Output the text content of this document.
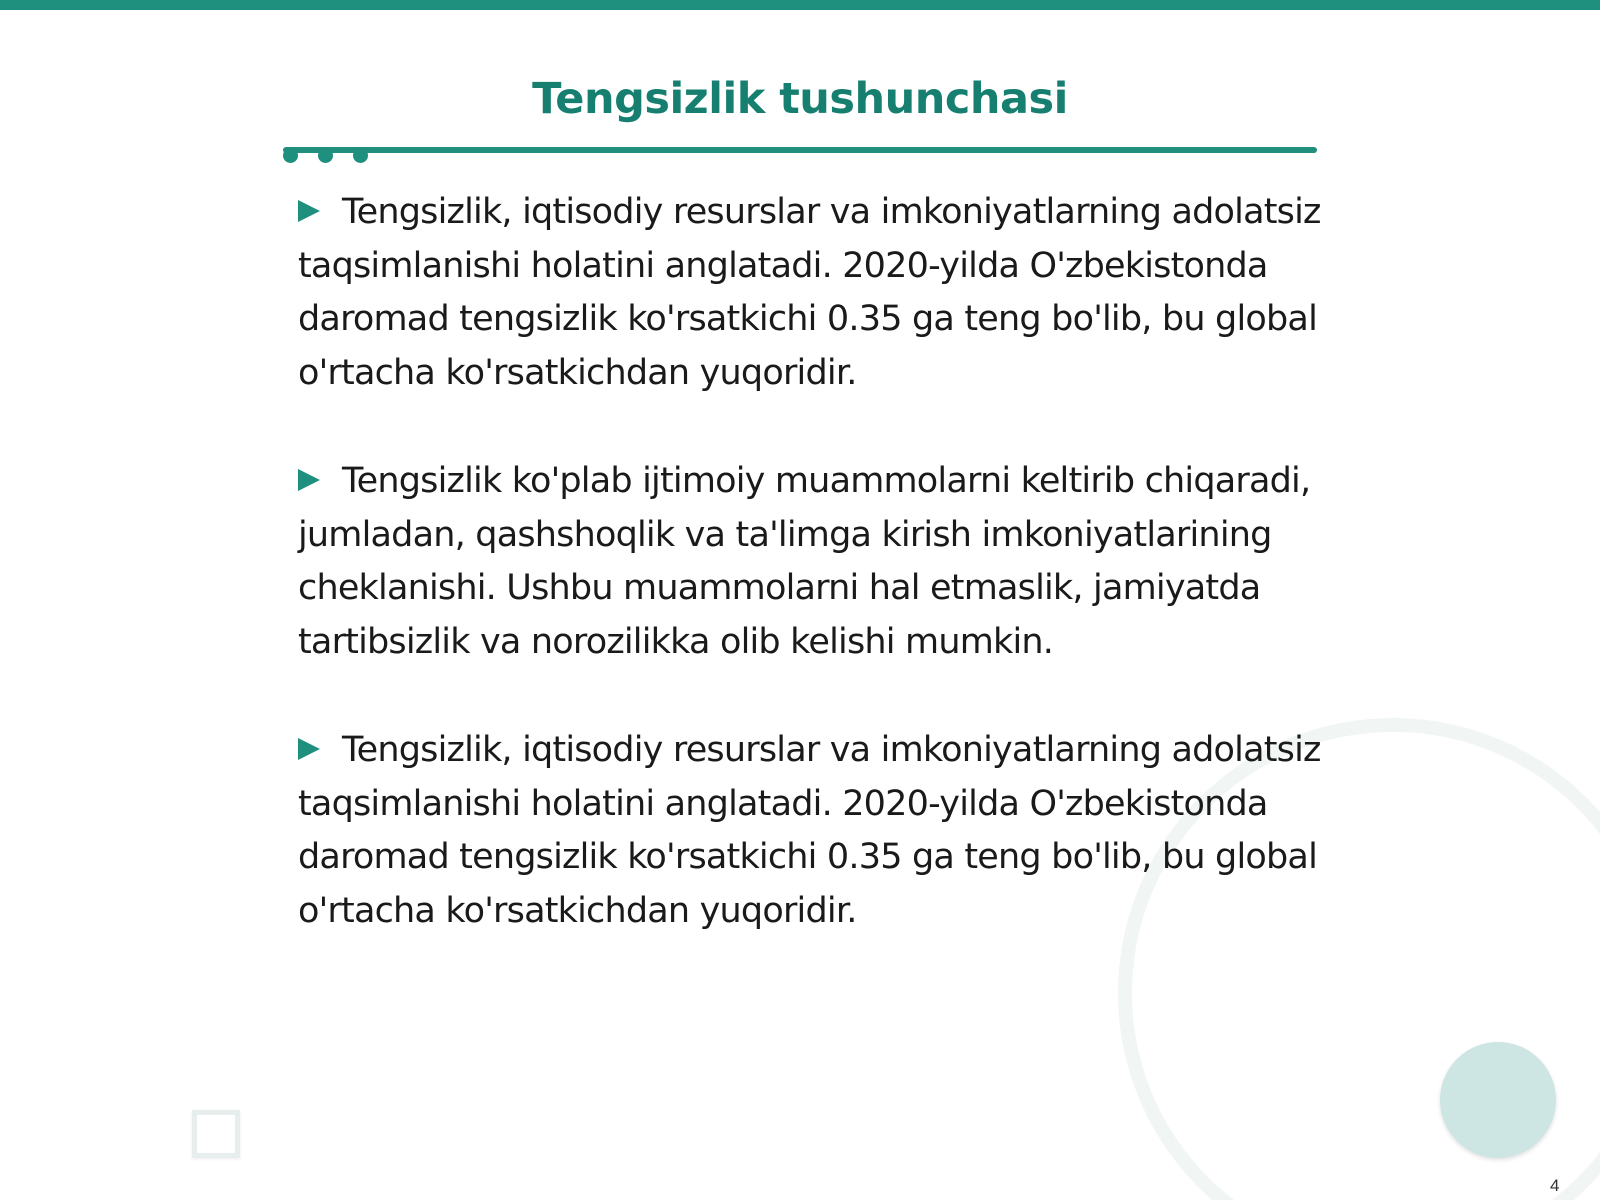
Tengsizlik tushunchasi

Tengsizlik, iqtisodiy resurslar va imkoniyatlarning adolatsiz taqsimlanishi holatini anglatadi. 2020-yilda O'zbekistonda daromad tengsizlik ko'rsatkichi 0.35 ga teng bo'lib, bu global o'rtacha ko'rsatkichdan yuqoridir.

Tengsizlik ko'plab ijtimoiy muammolarni keltirib chiqaradi, jumladan, qashshoqlik va ta'limga kirish imkoniyatlarining cheklanishi. Ushbu muammolarni hal etmaslik, jamiyatda tartibsizlik va norozilikka olib kelishi mumkin.

Tengsizlik, iqtisodiy resurslar va imkoniyatlarning adolatsiz taqsimlanishi holatini anglatadi. 2020-yilda O'zbekistonda daromad tengsizlik ko'rsatkichi 0.35 ga teng bo'lib, bu global o'rtacha ko'rsatkichdan yuqoridir.

4
